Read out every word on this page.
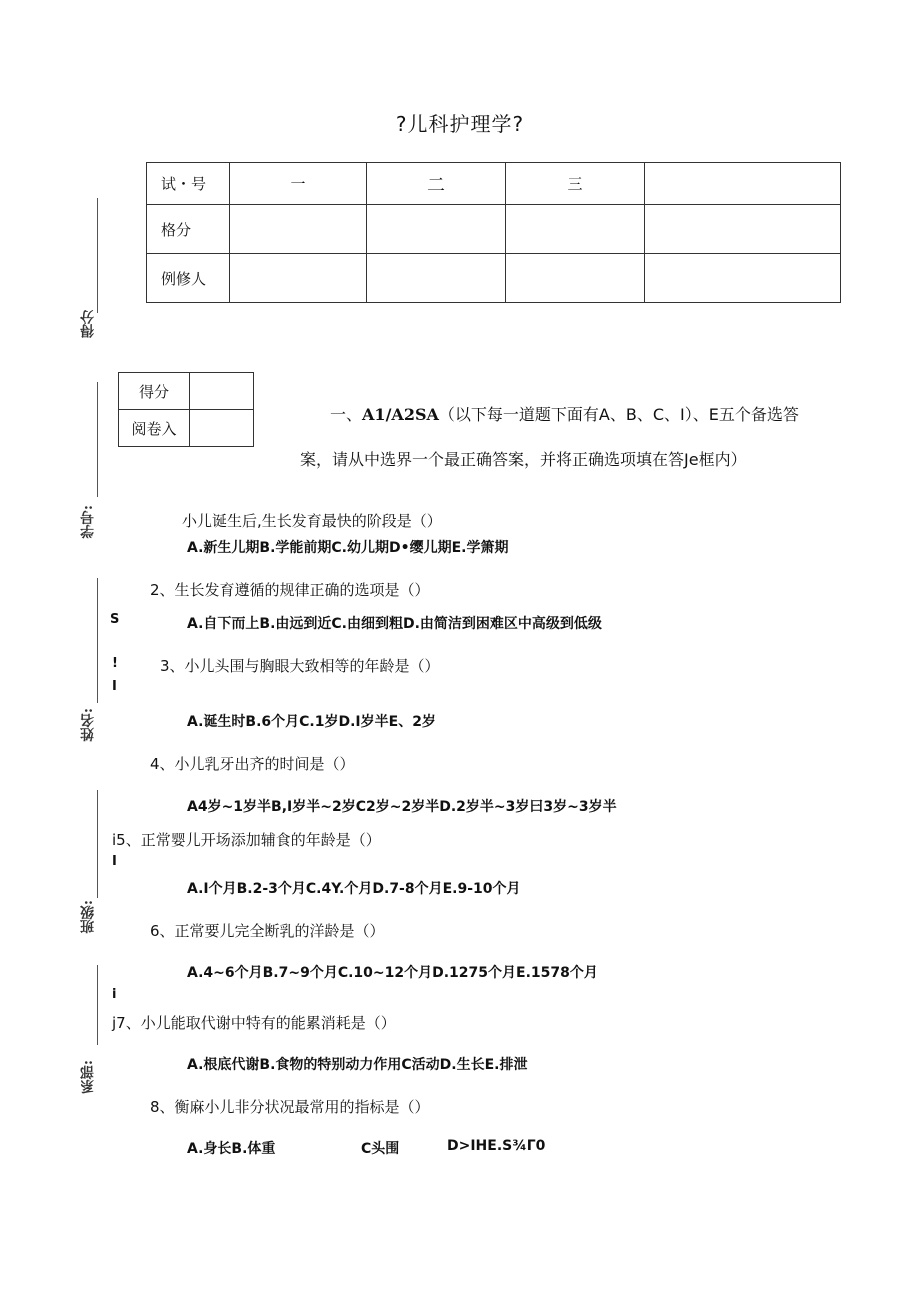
?儿科护理学?
试・号	一	二	三	
格分				
例修人				
得分
学号:
姓名:
班级:
系部:
S
!
I
I
i
得分	
阅卷入	
一、A1/A2SA（以下每一道题下面有A、B、C、I）、E五个备选答
案，请从中选界一个最正确答案，并将正确选项填在答Je框内）
小儿诞生后,生长发育最快的阶段是（）
A.新生儿期B.学能前期C.幼儿期D•缨儿期E.学箫期
2、生长发育遵循的规律正确的选项是（）
A.自下而上B.由远到近C.由细到粗D.由简洁到困难区中高级到低级
3、小儿头围与胸眼大致相等的年龄是（）
A.诞生时B.6个月C.1岁D.I岁半E、2岁
4、小儿乳牙出齐的时间是（）
A4岁~1岁半B,I岁半~2岁C2岁~2岁半D.2岁半~3岁曰3岁~3岁半
i5、正常婴儿开场添加辅食的年龄是（）
A.I个月B.2-3个月C.4Y.个月D.7-8个月E.9-10个月
6、正常要儿完全断乳的洋龄是（）
A.4~6个月B.7~9个月C.10~12个月D.1275个月E.1578个月
j7、小儿能取代谢中特有的能累消耗是（）
A.根底代谢B.食物的特别动力作用C活动D.生长E.排泄
8、衡麻小儿非分状况最常用的指标是（）
A.身长B.体重	C头围	D>IHE.S¾Γ0
